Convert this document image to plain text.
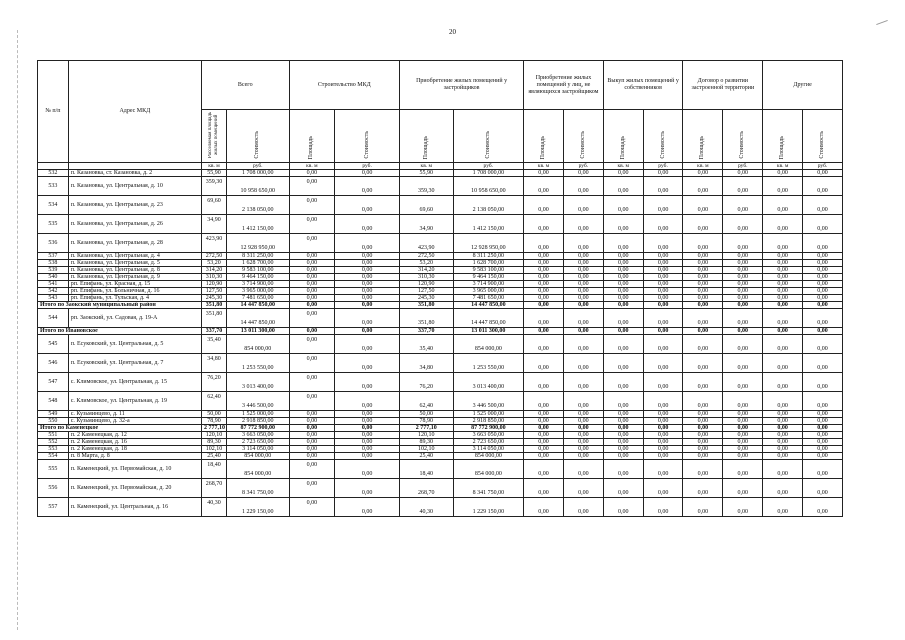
20
№ п/п	Адрес МКД	Всего		Строительство МКД		Приобретение жилых помещений у застройщиков		Приобретение жилых помещений у лиц, не являющихся застройщиком		Выкуп жилых помещений у собственников		Договор о развитии застроенной территории		Другие	
		Расселяемая площадь жилых помещений	Стоимость	Площадь	Стоимость	Площадь	Стоимость	Площадь	Стоимость	Площадь	Стоимость	Площадь	Стоимость	Площадь	Стоимость
		кв. м	руб.	кв. м	руб.	кв. м	руб.	кв. м	руб.	кв. м	руб.	кв. м	руб.	кв. м	руб.
532	п. Казановка, ст. Казановка, д. 2	55,90	1 708 000,00	0,00	0,00	55,90	1 708 000,00	0,00	0,00	0,00	0,00	0,00	0,00	0,00	0,00
533	п. Казановка, ул. Центральная, д. 10	359,30	10 958 650,00	0,00	0,00	359,30	10 958 650,00	0,00	0,00	0,00	0,00	0,00	0,00	0,00	0,00
534	п. Казановка, ул. Центральная, д. 23	69,60	2 138 050,00	0,00	0,00	69,60	2 138 050,00	0,00	0,00	0,00	0,00	0,00	0,00	0,00	0,00
535	п. Казановка, ул. Центральная, д. 26	34,90	1 412 150,00	0,00	0,00	34,90	1 412 150,00	0,00	0,00	0,00	0,00	0,00	0,00	0,00	0,00
536	п. Казановка, ул. Центральная, д. 28	423,90	12 928 950,00	0,00	0,00	423,90	12 928 950,00	0,00	0,00	0,00	0,00	0,00	0,00	0,00	0,00
537	п. Казановка, ул. Центральная, д. 4	272,50	8 311 250,00	0,00	0,00	272,50	8 311 250,00	0,00	0,00	0,00	0,00	0,00	0,00	0,00	0,00
538	п. Казановка, ул. Центральная, д. 5	53,20	1 628 700,00	0,00	0,00	53,20	1 628 700,00	0,00	0,00	0,00	0,00	0,00	0,00	0,00	0,00
539	п. Казановка, ул. Центральная, д. 8	314,20	9 583 100,00	0,00	0,00	314,20	9 583 100,00	0,00	0,00	0,00	0,00	0,00	0,00	0,00	0,00
540	п. Казановка, ул. Центральная, д. 9	310,30	9 464 150,00	0,00	0,00	310,30	9 464 150,00	0,00	0,00	0,00	0,00	0,00	0,00	0,00	0,00
541	рп. Епифань, ул. Красная, д. 15	120,90	3 714 900,00	0,00	0,00	120,90	3 714 900,00	0,00	0,00	0,00	0,00	0,00	0,00	0,00	0,00
542	рп. Епифань, ул. Больничная, д. 16	127,50	3 965 000,00	0,00	0,00	127,50	3 965 000,00	0,00	0,00	0,00	0,00	0,00	0,00	0,00	0,00
543	рп. Епифань, ул. Тульская, д. 4	245,30	7 481 650,00	0,00	0,00	245,30	7 481 650,00	0,00	0,00	0,00	0,00	0,00	0,00	0,00	0,00
Итого по Заокский муниципальный район		351,80	14 447 850,00	0,00	0,00	351,80	14 447 850,00	0,00	0,00	0,00	0,00	0,00	0,00	0,00	0,00
544	рп. Заокский, ул. Садовая, д. 19-А	351,80	14 447 850,00	0,00	0,00	351,80	14 447 850,00	0,00	0,00	0,00	0,00	0,00	0,00	0,00	0,00
Итого по Ивановское		337,70	13 011 300,00	0,00	0,00	337,70	13 011 300,00	0,00	0,00	0,00	0,00	0,00	0,00	0,00	0,00
545	п. Есуковский, ул. Центральная, д. 5	35,40	854 000,00	0,00	0,00	35,40	854 000,00	0,00	0,00	0,00	0,00	0,00	0,00	0,00	0,00
546	п. Есуковский, ул. Центральная, д. 7	34,80	1 253 550,00	0,00	0,00	34,80	1 253 550,00	0,00	0,00	0,00	0,00	0,00	0,00	0,00	0,00
547	с. Климовское, ул. Центральная, д. 15	76,20	3 013 400,00	0,00	0,00	76,20	3 013 400,00	0,00	0,00	0,00	0,00	0,00	0,00	0,00	0,00
548	с. Климовское, ул. Центральная, д. 19	62,40	3 446 500,00	0,00	0,00	62,40	3 446 500,00	0,00	0,00	0,00	0,00	0,00	0,00	0,00	0,00
549	с. Кузьминцево, д. 11	50,00	1 525 000,00	0,00	0,00	50,00	1 525 000,00	0,00	0,00	0,00	0,00	0,00	0,00	0,00	0,00
550	с. Кузьминцево, д. 32-а	78,90	2 918 850,00	0,00	0,00	78,90	2 918 850,00	0,00	0,00	0,00	0,00	0,00	0,00	0,00	0,00
Итого по Каменецкое		2 777,10	87 772 900,00	0,00	0,00	2 777,10	87 772 900,00	0,00	0,00	0,00	0,00	0,00	0,00	0,00	0,00
551	п. 2 Каменецкая, д. 12	120,10	3 663 050,00	0,00	0,00	120,10	3 663 050,00	0,00	0,00	0,00	0,00	0,00	0,00	0,00	0,00
552	п. 2 Каменецкая, д. 16	89,30	2 723 650,00	0,00	0,00	89,30	2 723 650,00	0,00	0,00	0,00	0,00	0,00	0,00	0,00	0,00
553	п. 2 Каменецкая, д. 18	102,10	3 114 050,00	0,00	0,00	102,10	3 114 050,00	0,00	0,00	0,00	0,00	0,00	0,00	0,00	0,00
554	п. 8 Марта, д. 8	25,40	854 000,00	0,00	0,00	25,40	854 000,00	0,00	0,00	0,00	0,00	0,00	0,00	0,00	0,00
555	п. Каменецкий, ул. Первомайская, д. 10	18,40	854 000,00	0,00	0,00	18,40	854 000,00	0,00	0,00	0,00	0,00	0,00	0,00	0,00	0,00
556	п. Каменецкий, ул. Первомайская, д. 20	268,70	8 341 750,00	0,00	0,00	268,70	8 341 750,00	0,00	0,00	0,00	0,00	0,00	0,00	0,00	0,00
557	п. Каменецкий, ул. Центральная, д. 16	40,30	1 229 150,00	0,00	0,00	40,30	1 229 150,00	0,00	0,00	0,00	0,00	0,00	0,00	0,00	0,00
